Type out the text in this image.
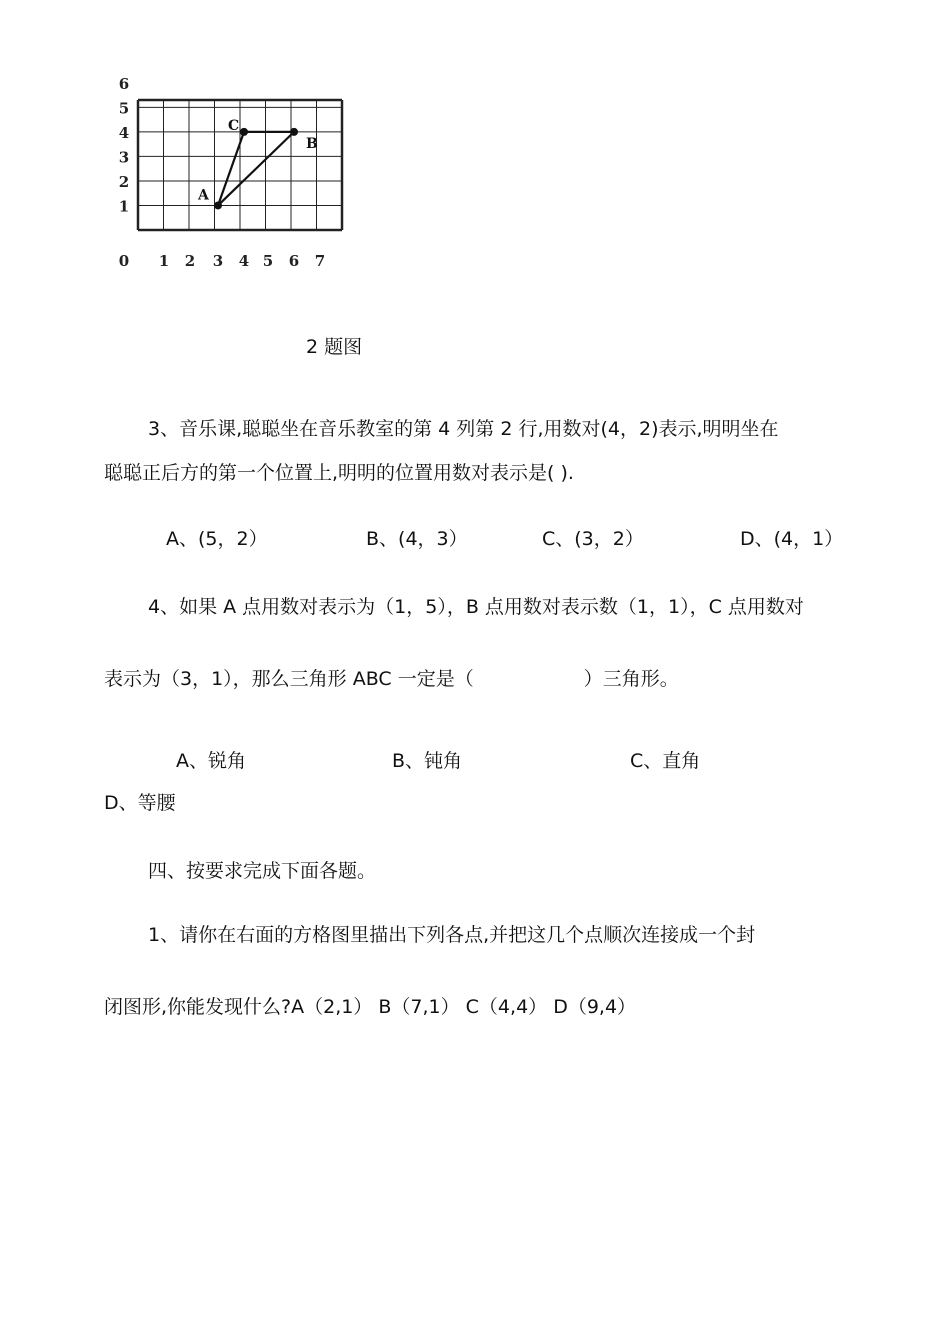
6
5
4
3
2
1
0 1 2 3 4 5 6 7
A
C
B
2 题图
3、音乐课,聪聪坐在音乐教室的第 4 列第 2 行,用数对(4，2)表示,明明坐在
聪聪正后方的第一个位置上,明明的位置用数对表示是( ).
A、(5，2）	B、(4，3）	C、(3，2）	D、(4，1）
4、如果 A 点用数对表示为（1，5），B 点用数对表示数（1，1），C 点用数对
表示为（3，1），那么三角形 ABC 一定是（	）三角形。
A、锐角	B、钝角	C、直角
D、等腰
四、按要求完成下面各题。
1、请你在右面的方格图里描出下列各点,并把这几个点顺次连接成一个封
闭图形,你能发现什么?A（2,1） B（7,1） C（4,4） D（9,4）
